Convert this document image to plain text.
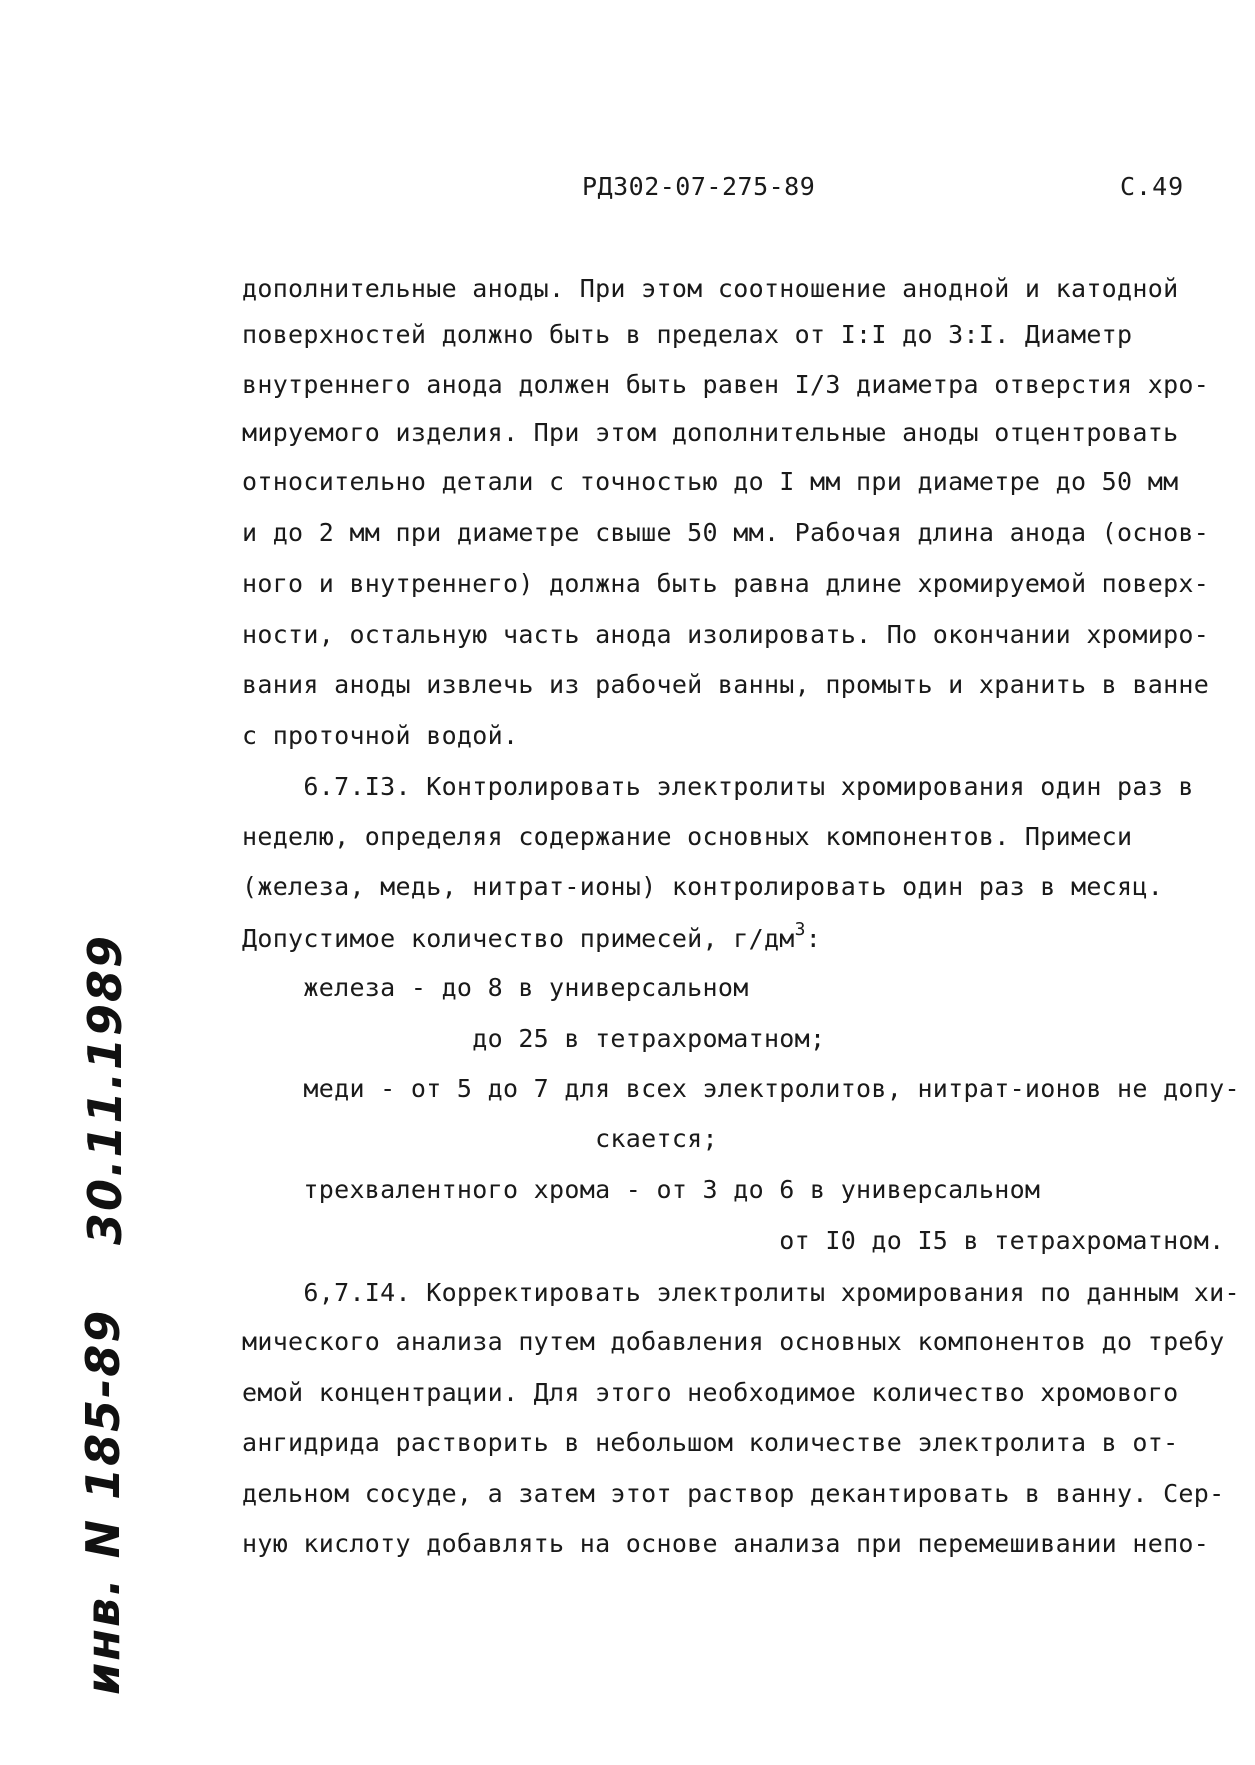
РД302-07-275-89	С.49
дополнительные аноды. При этом соотношение анодной и катодной
поверхностей должно быть в пределах от I:I до 3:I. Диаметр
внутреннего анода должен быть равен I/3 диаметра отверстия хро-
мируемого изделия. При этом дополнительные аноды отцентровать
относительно детали с точностью до I мм при диаметре до 50 мм
и до 2 мм при диаметре свыше 50 мм. Рабочая длина анода (основ-
ного и внутреннего) должна быть равна длине хромируемой поверх-
ности, остальную часть анода изолировать. По окончании хромиро-
вания аноды извлечь из рабочей ванны, промыть и хранить в ванне
с проточной водой.
6.7.I3. Контролировать электролиты хромирования один раз в
неделю, определяя содержание основных компонентов. Примеси
(железа, медь, нитрат-ионы) контролировать один раз в месяц.
Допустимое количество примесей, $г/дм^3$:
железа - до 8 в универсальном
до 25 в тетрахроматном;
меди - от 5 до 7 для всех электролитов, нитрат-ионов не допу-
скается;
трехвалентного хрома - от 3 до 6 в универсальном
от I0 до I5 в тетрахроматном.
6,7.I4. Корректировать электролиты хромирования по данным хи-
мического анализа путем добавления основных компонентов до требу
емой концентрации. Для этого необходимое количество хромового
ангидрида растворить в небольшом количестве электролита в от-
дельном сосуде, а затем этот раствор декантировать в ванну. Сер-
ную кислоту добавлять на основе анализа при перемешивании непо-
инв. N 185-89
30.11.1989
